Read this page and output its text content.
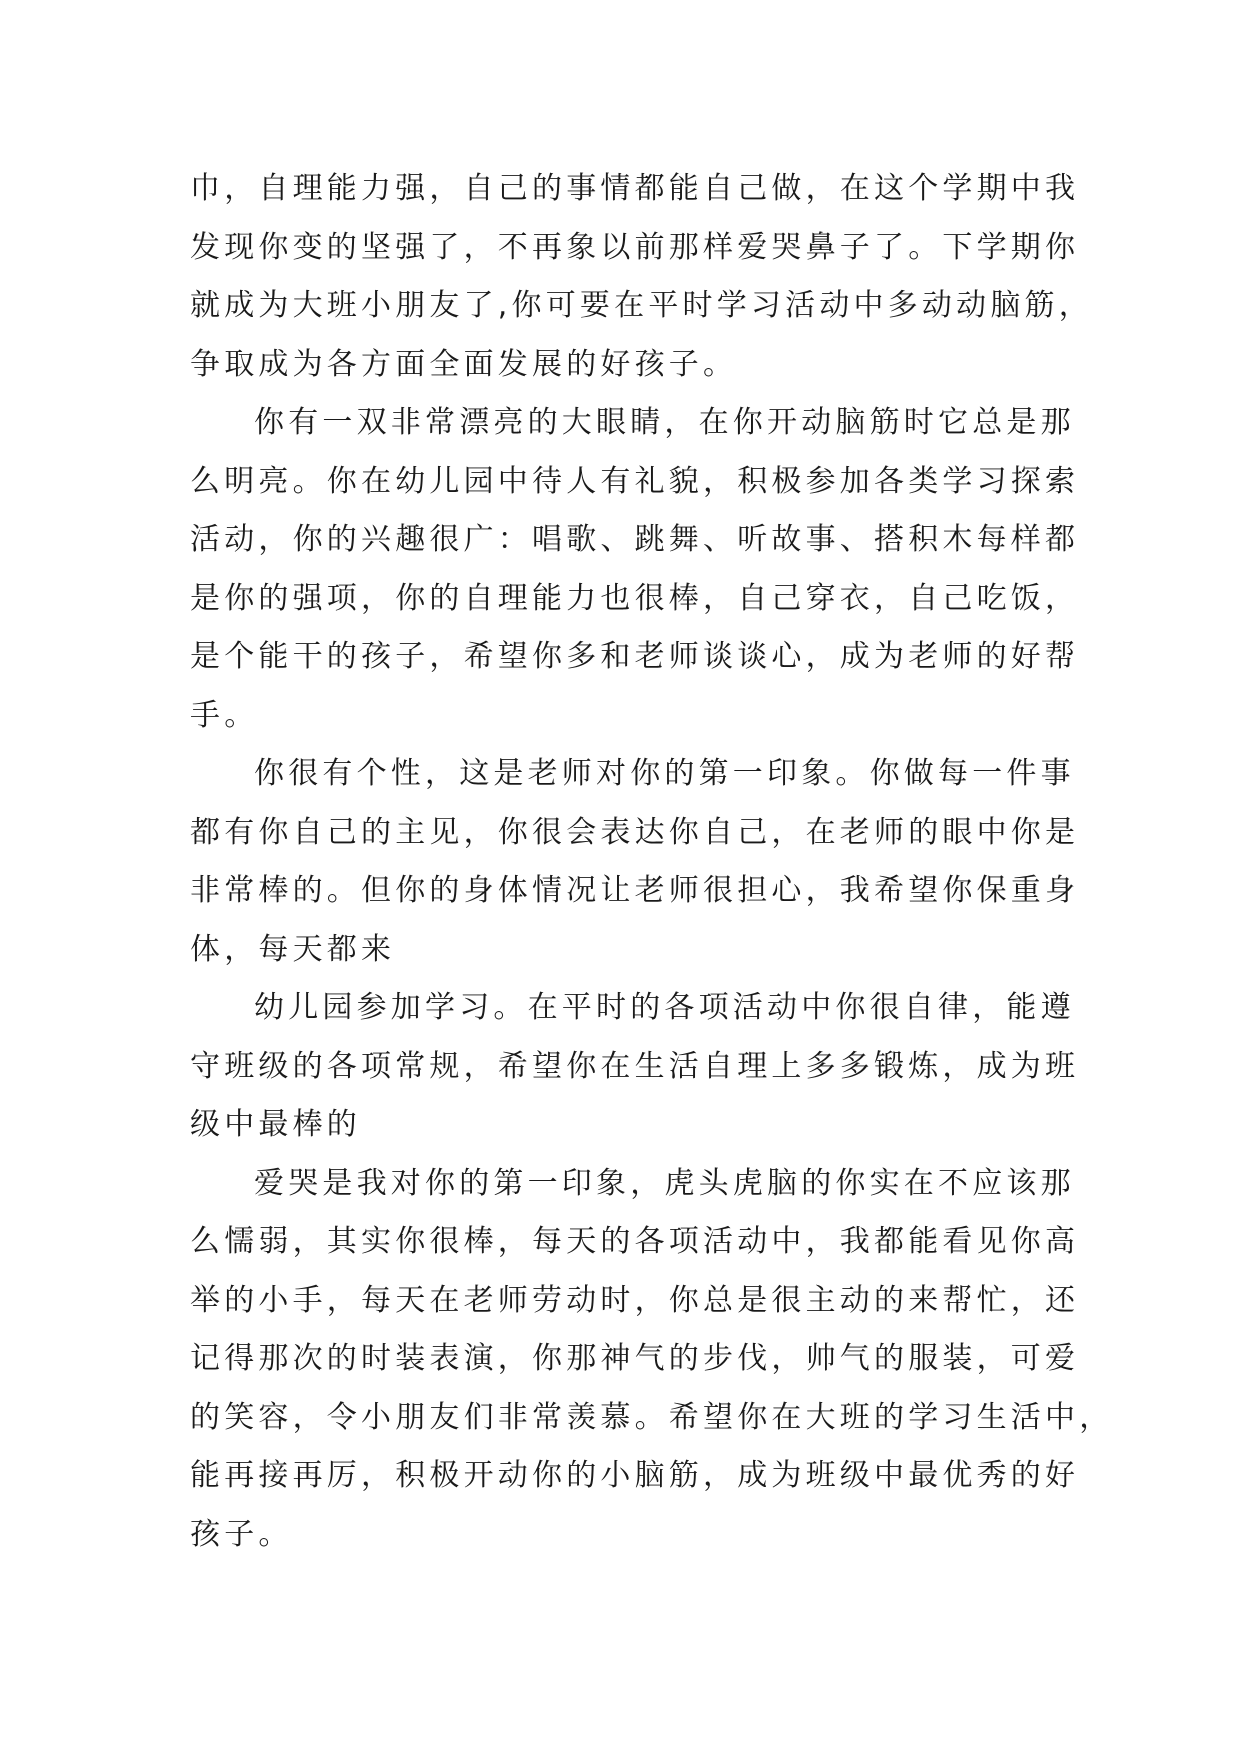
巾，自理能力强，自己的事情都能自己做，在这个学期中我
发现你变的坚强了，不再象以前那样爱哭鼻子了。下学期你
就成为大班小朋友了,你可要在平时学习活动中多动动脑筋，
争取成为各方面全面发展的好孩子。
你有一双非常漂亮的大眼睛，在你开动脑筋时它总是那
么明亮。你在幼儿园中待人有礼貌，积极参加各类学习探索
活动，你的兴趣很广：唱歌、跳舞、听故事、搭积木每样都
是你的强项，你的自理能力也很棒，自己穿衣，自己吃饭，
是个能干的孩子，希望你多和老师谈谈心，成为老师的好帮
手。
你很有个性，这是老师对你的第一印象。你做每一件事
都有你自己的主见，你很会表达你自己，在老师的眼中你是
非常棒的。但你的身体情况让老师很担心，我希望你保重身
体，每天都来
幼儿园参加学习。在平时的各项活动中你很自律，能遵
守班级的各项常规，希望你在生活自理上多多锻炼，成为班
级中最棒的
爱哭是我对你的第一印象，虎头虎脑的你实在不应该那
么懦弱，其实你很棒，每天的各项活动中，我都能看见你高
举的小手，每天在老师劳动时，你总是很主动的来帮忙，还
记得那次的时装表演，你那神气的步伐，帅气的服装，可爱
的笑容，令小朋友们非常羡慕。希望你在大班的学习生活中，
能再接再厉，积极开动你的小脑筋，成为班级中最优秀的好
孩子。
